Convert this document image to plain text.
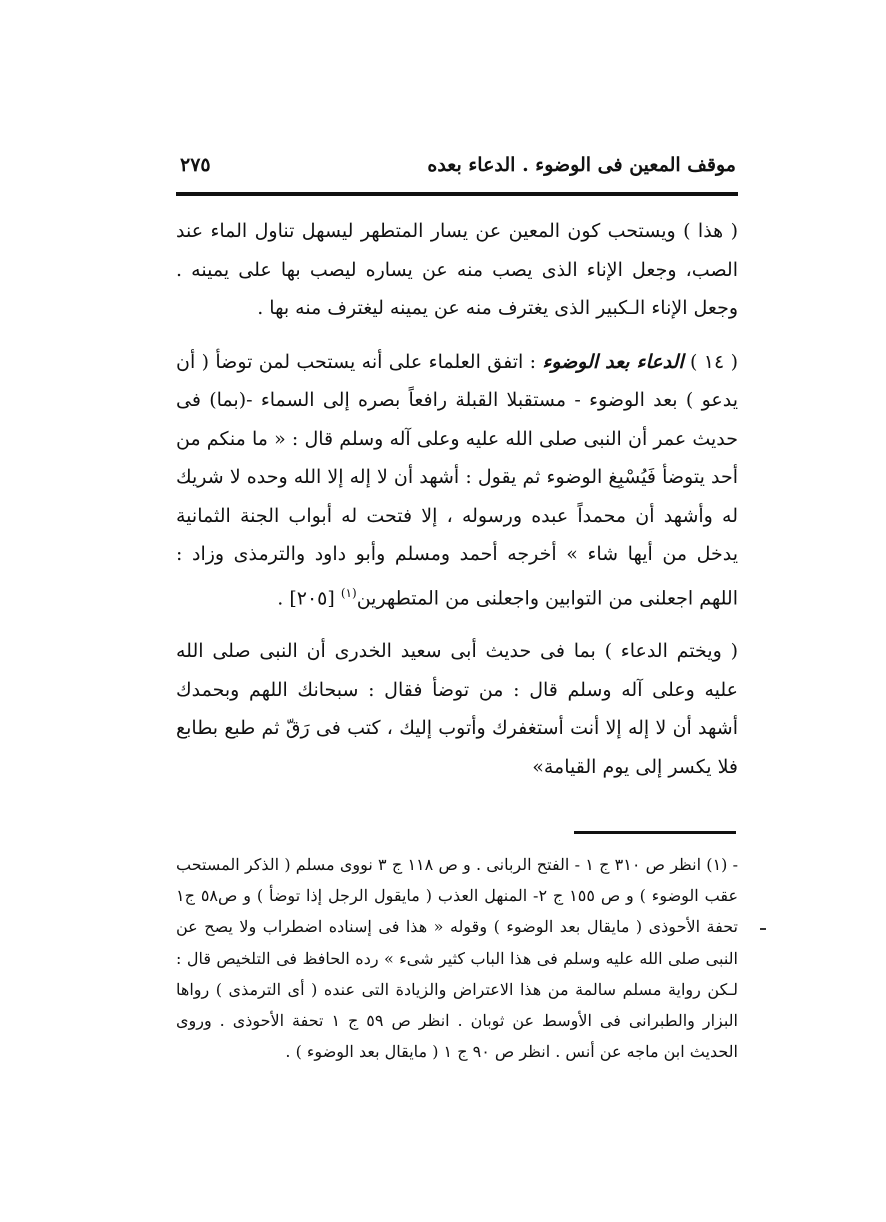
موقف المعين فى الوضوء . الدعاء بعده
٢٧٥

( هذا ) ويستحب كون المعين عن يسار المتطهر ليسهل تناول الماء عند الصب، وجعل الإناء الذى يصب منه عن يساره ليصب بها على يمينه . وجعل الإناء الـكبير الذى يغترف منه عن يمينه ليغترف منه بها .

( ١٤ ) الدعاء بعد الوضوء : اتفق العلماء على أنه يستحب لمن توضأ ( أن يدعو ) بعد الوضوء - مستقبلا القبلة رافعاً بصره إلى السماء -(بما) فى حديث عمر أن النبى صلى الله عليه وعلى آله وسلم قال : « ما منكم من أحد يتوضأ فَيُسْبِغ الوضوء ثم يقول : أشهد أن لا إله إلا الله وحده لا شريك له وأشهد أن محمداً عبده ورسوله ، إلا فتحت له أبواب الجنة الثمانية يدخل من أيها شاء » أخرجه أحمد ومسلم وأبو داود والترمذى وزاد : اللهم اجعلنى من التوابين واجعلنى من المتطهرين$^{(١)}$ [٢٠٥] .

( ويختم الدعاء ) بما فى حديث أبى سعيد الخدرى أن النبى صلى الله عليه وعلى آله وسلم قال : من توضأ فقال : سبحانك اللهم وبحمدك أشهد أن لا إله إلا أنت أستغفرك وأتوب إليك ، كتب فى رَقّ ثم طبع بطابع فلا يكسر إلى يوم القيامة»

- (١) انظر ص ٣١٠ ج ١ - الفتح الربانى . و ص ١١٨ ج ٣ نووى مسلم ( الذكر المستحب عقب الوضوء ) و ص ١٥٥ ج ٢- المنهل العذب ( مايقول الرجل إذا توضأ ) و ص٥٨ ج١ تحفة الأحوذى ( مايقال بعد الوضوء ) وقوله « هذا فى إسناده اضطراب ولا يصح عن النبى صلى الله عليه وسلم فى هذا الباب كثير شىء » رده الحافظ فى التلخيص قال : لـكن رواية مسلم سالمة من هذا الاعتراض والزيادة التى عنده ( أى الترمذى ) رواها البزار والطبرانى فى الأوسط عن ثوبان . انظر ص ٥٩ ج ١ تحفة الأحوذى . وروى الحديث ابن ماجه عن أنس . انظر ص ٩٠ ج ١ ( مايقال بعد الوضوء ) .
